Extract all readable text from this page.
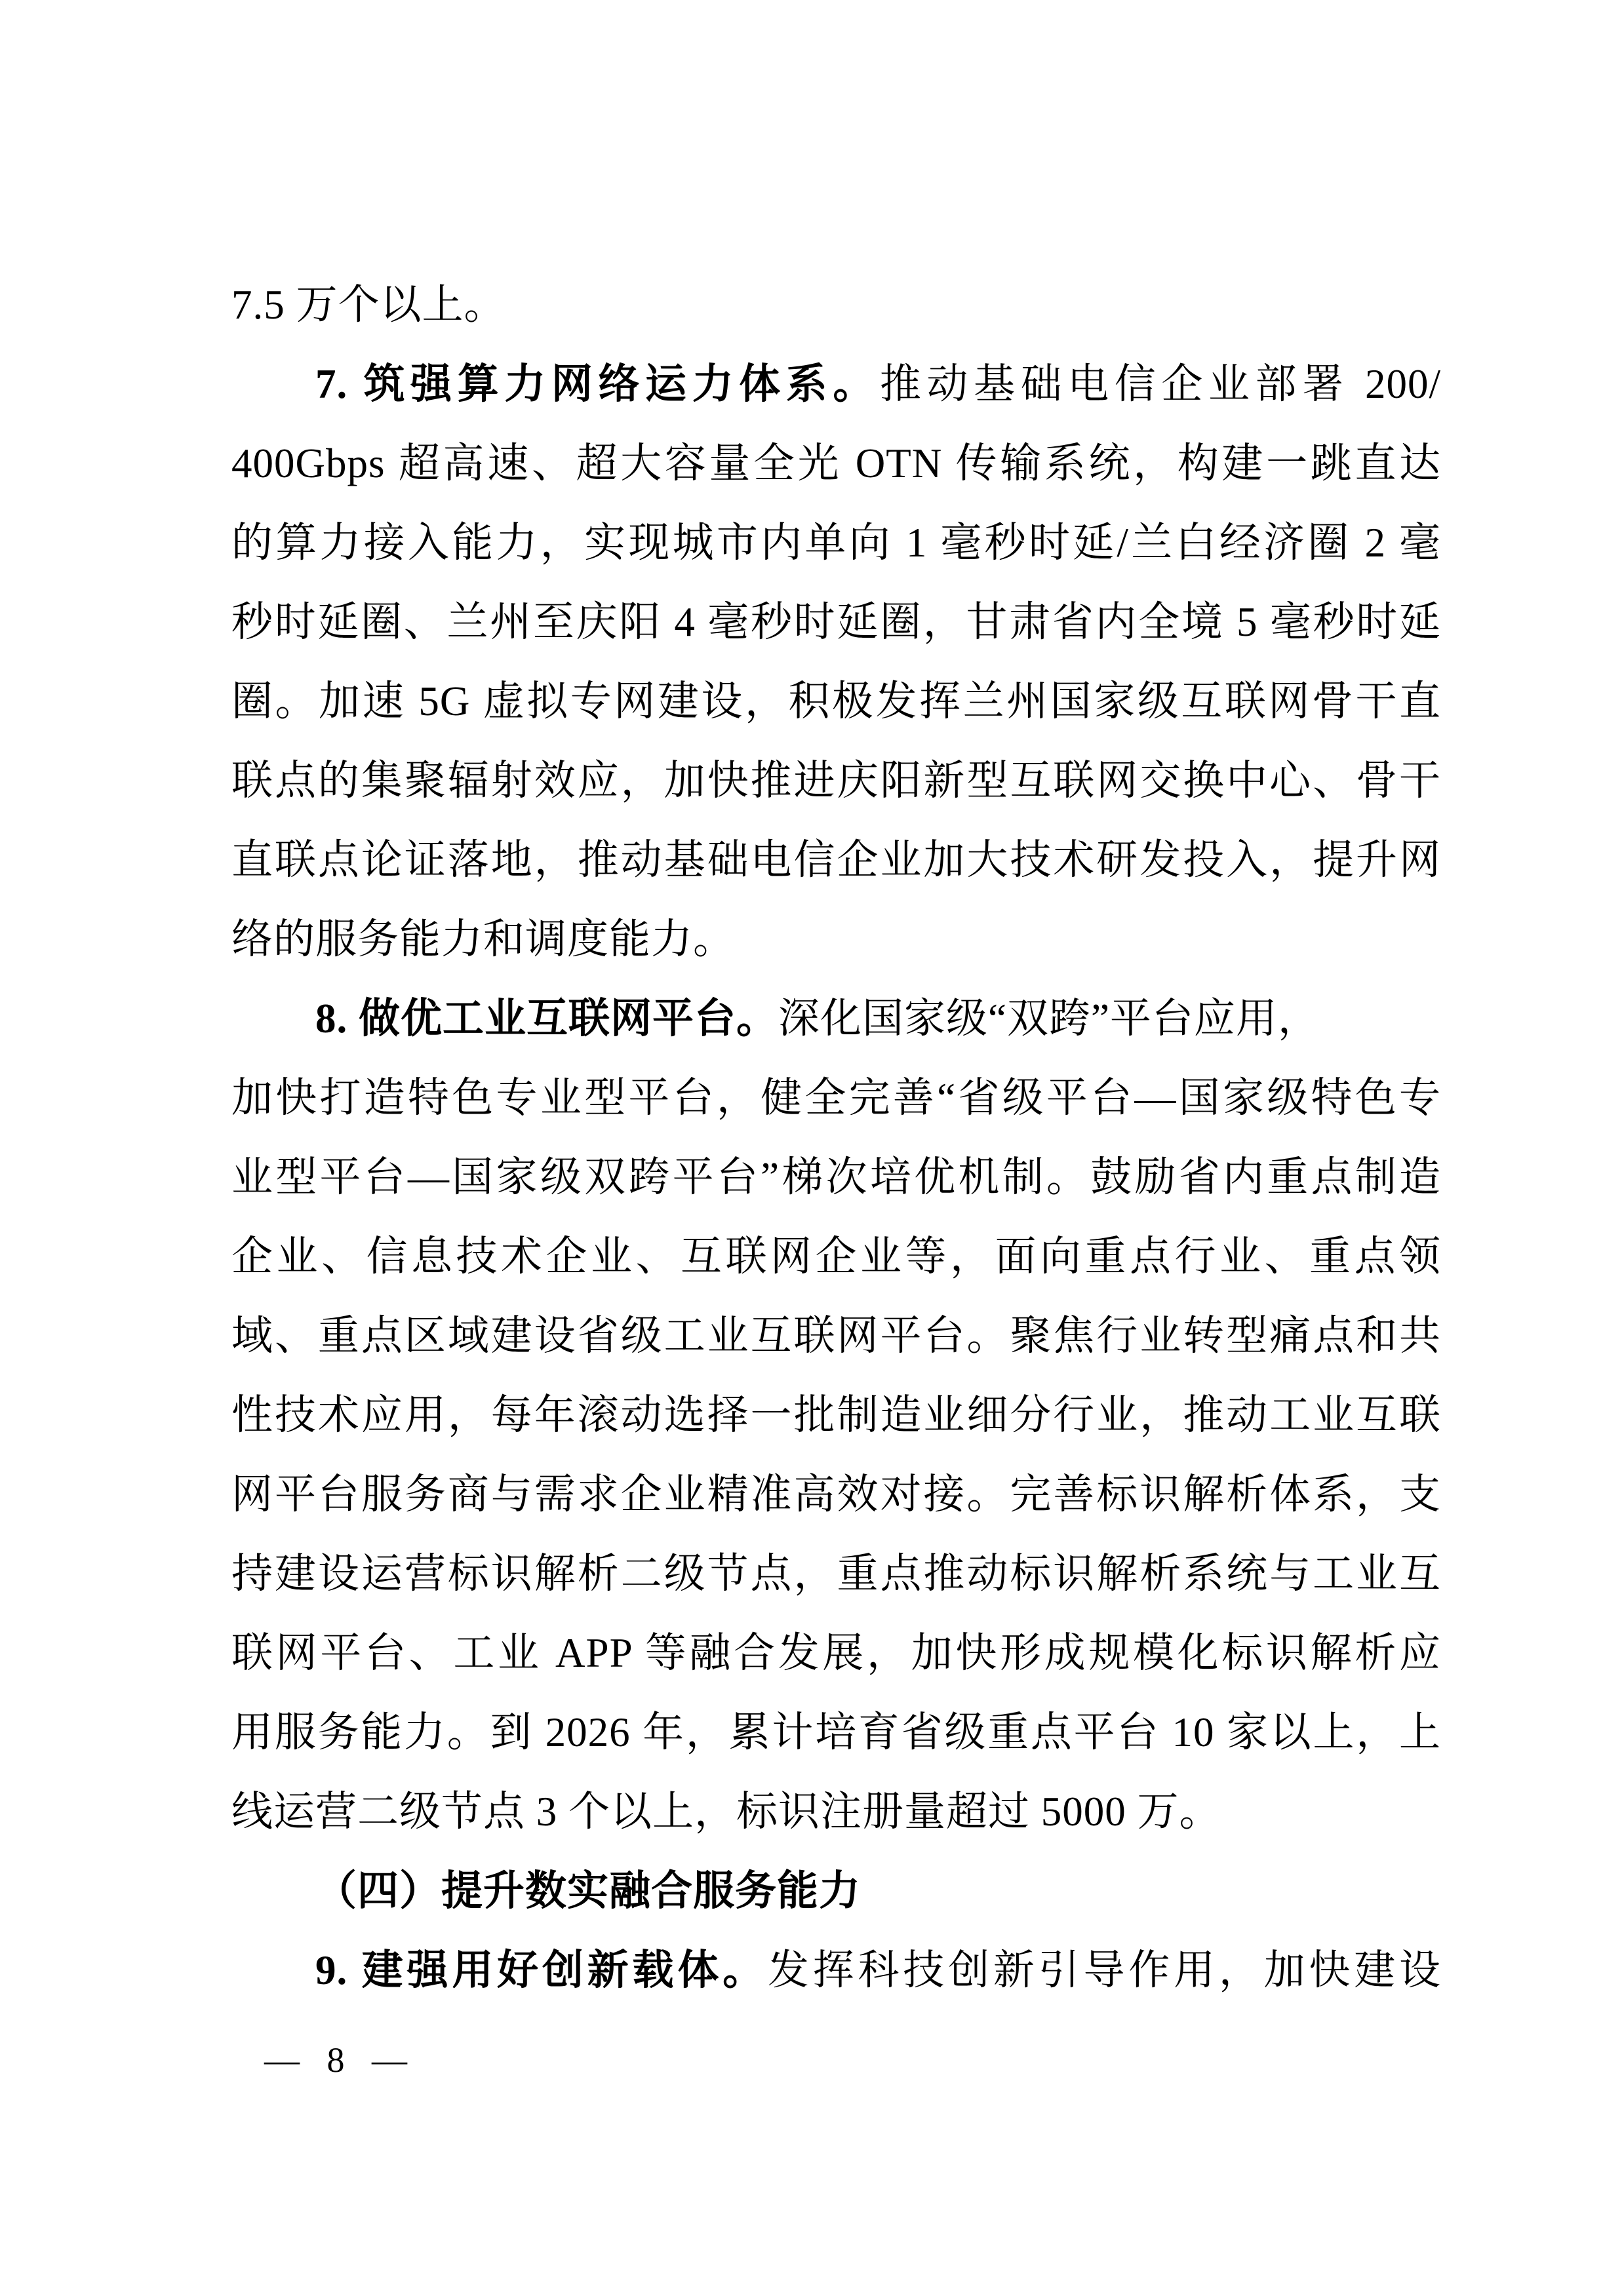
7.5 万个以上。
7. 筑强算力网络运力体系。推动基础电信企业部署 200/
400Gbps 超高速、超大容量全光 OTN 传输系统，构建一跳直达
的算力接入能力，实现城市内单向 1 毫秒时延/兰白经济圈 2 毫
秒时延圈、兰州至庆阳 4 毫秒时延圈，甘肃省内全境 5 毫秒时延
圈。加速 5G 虚拟专网建设，积极发挥兰州国家级互联网骨干直
联点的集聚辐射效应，加快推进庆阳新型互联网交换中心、骨干
直联点论证落地，推动基础电信企业加大技术研发投入，提升网
络的服务能力和调度能力。
8. 做优工业互联网平台。深化国家级“双跨”平台应用，
加快打造特色专业型平台，健全完善“省级平台—国家级特色专
业型平台—国家级双跨平台”梯次培优机制。鼓励省内重点制造
企业、信息技术企业、互联网企业等，面向重点行业、重点领
域、重点区域建设省级工业互联网平台。聚焦行业转型痛点和共
性技术应用，每年滚动选择一批制造业细分行业，推动工业互联
网平台服务商与需求企业精准高效对接。完善标识解析体系，支
持建设运营标识解析二级节点，重点推动标识解析系统与工业互
联网平台、工业 APP 等融合发展，加快形成规模化标识解析应
用服务能力。到 2026 年，累计培育省级重点平台 10 家以上，上
线运营二级节点 3 个以上，标识注册量超过 5000 万。
（四）提升数实融合服务能力
9. 建强用好创新载体。发挥科技创新引导作用，加快建设
— 8 —
